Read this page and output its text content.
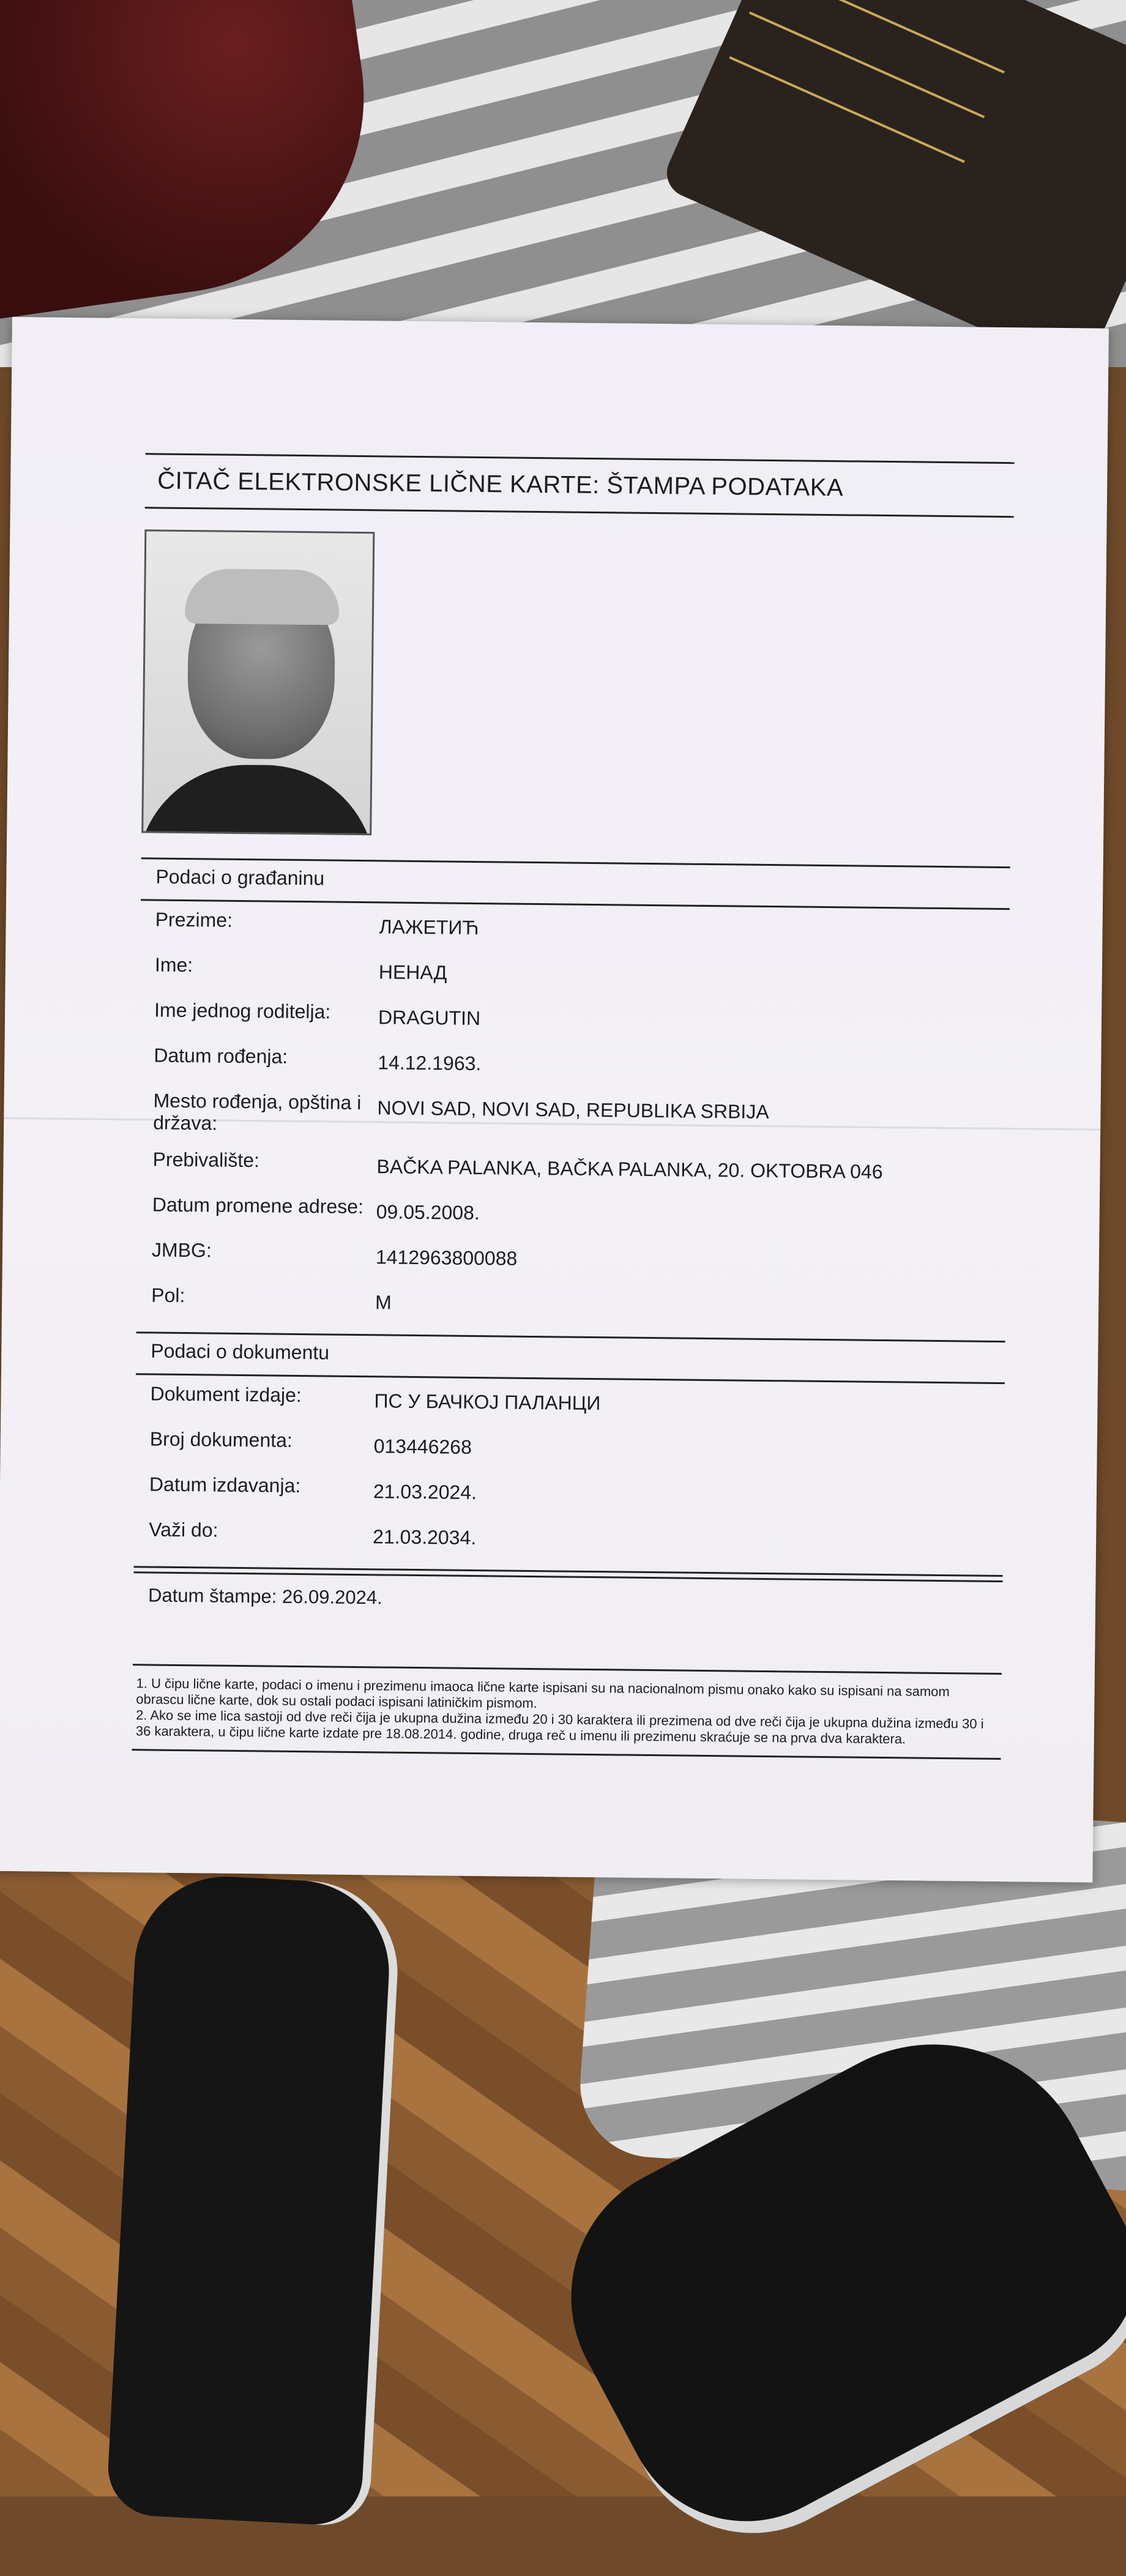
ČITAČ ELEKTRONSKE LIČNE KARTE: ŠTAMPA PODATAKA
Podaci o građaninu
Prezime:	ЛАЖЕТИЋ
Ime:	НЕНАД
Ime jednog roditelja:	DRAGUTIN
Datum rođenja:	14.12.1963.
Mesto rođenja, opština i država:
NOVI SAD, NOVI SAD, REPUBLIKA SRBIJA
Prebivalište:	BAČKA PALANKA, BAČKA PALANKA, 20. OKTOBRA 046
Datum promene adrese: 09.05.2008.
JMBG:	1412963800088
Pol:	M
Podaci o dokumentu
Dokument izdaje:	ПС У БАЧКОЈ ПАЛАНЦИ
Broj dokumenta:	013446268
Datum izdavanja:	21.03.2024.
Važi do:	21.03.2034.
Datum štampe: 26.09.2024.

1. U čipu lične karte, podaci o imenu i prezimenu imaoca lične karte ispisani su na nacionalnom pismu onako kako su ispisani na samom obrascu lične karte, dok su ostali podaci ispisani latiničkim pismom.

2. Ako se ime lica sastoji od dve reči čija je ukupna dužina između 20 i 30 karaktera ili prezimena od dve reči čija je ukupna dužina između 30 i 36 karaktera, u čipu lične karte izdate pre 18.08.2014. godine, druga reč u imenu ili prezimenu skraćuje se na prva dva karaktera.
